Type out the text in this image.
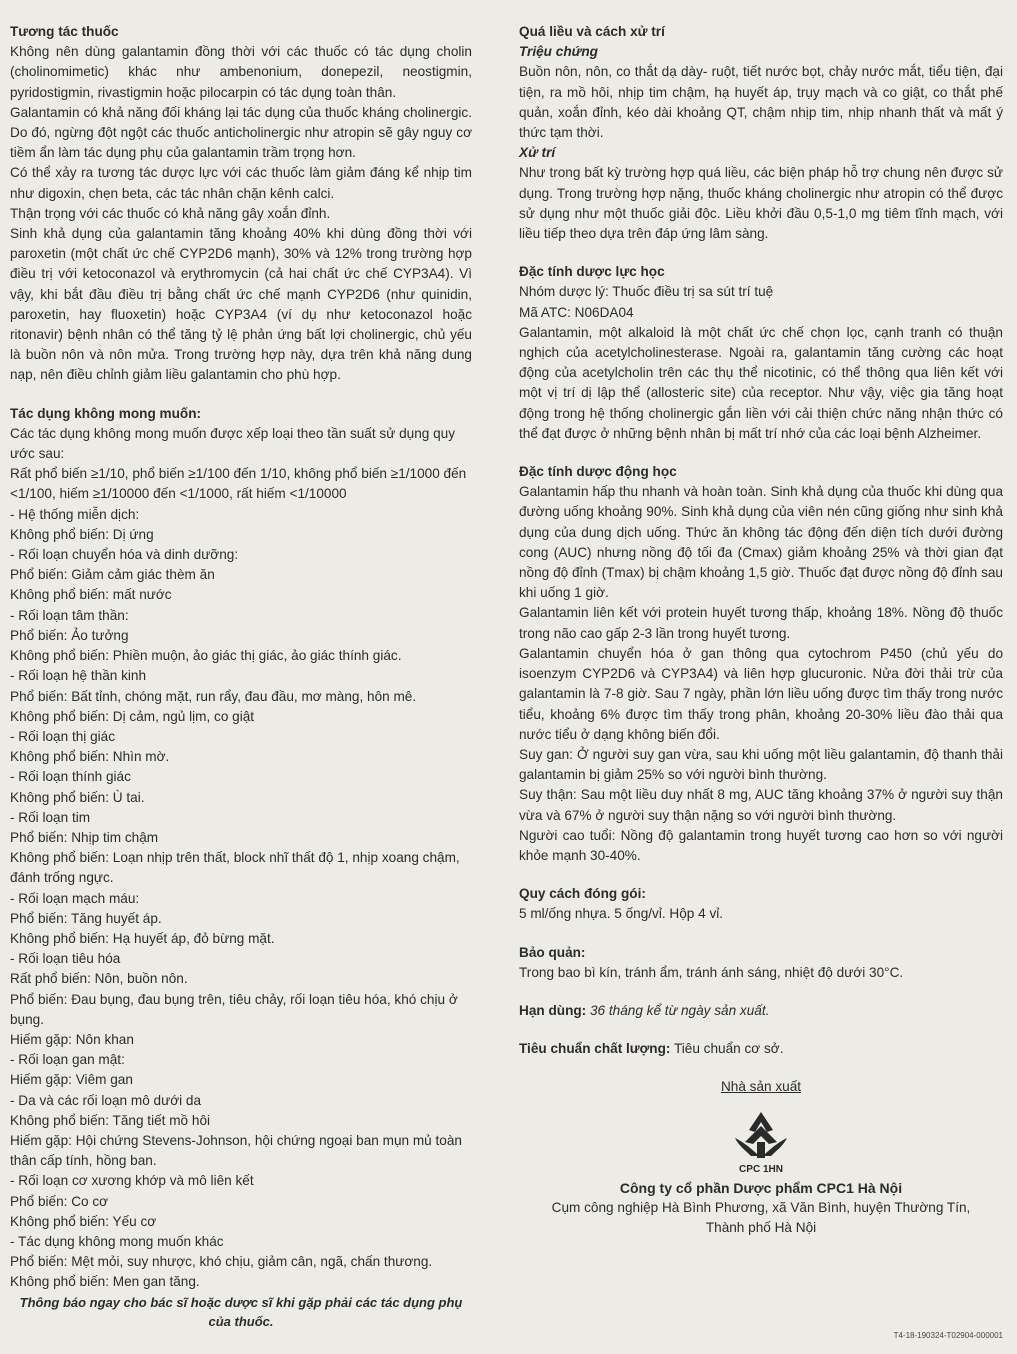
Tương tác thuốc

Không nên dùng galantamin đồng thời với các thuốc có tác dụng cholin (cholinomimetic) khác như ambenonium, donepezil, neostigmin, pyridostigmin, rivastigmin hoặc pilocarpin có tác dụng toàn thân.

Galantamin có khả năng đối kháng lại tác dụng của thuốc kháng cholinergic. Do đó, ngừng đột ngột các thuốc anticholinergic như atropin sẽ gây nguy cơ tiềm ẩn làm tác dụng phụ của galantamin trầm trọng hơn.

Có thể xảy ra tương tác dược lực với các thuốc làm giảm đáng kể nhịp tim như digoxin, chẹn beta, các tác nhân chặn kênh calci.

Thận trọng với các thuốc có khả năng gây xoắn đỉnh.

Sinh khả dụng của galantamin tăng khoảng 40% khi dùng đồng thời với paroxetin (một chất ức chế CYP2D6 mạnh), 30% và 12% trong trường hợp điều trị với ketoconazol và erythromycin (cả hai chất ức chế CYP3A4). Vì vậy, khi bắt đầu điều trị bằng chất ức chế mạnh CYP2D6 (như quinidin, paroxetin, hay fluoxetin) hoặc CYP3A4 (ví dụ như ketoconazol hoặc ritonavir) bệnh nhân có thể tăng tỷ lệ phản ứng bất lợi cholinergic, chủ yếu là buồn nôn và nôn mửa. Trong trường hợp này, dựa trên khả năng dung nạp, nên điều chỉnh giảm liều galantamin cho phù hợp.

Tác dụng không mong muốn:

Các tác dụng không mong muốn được xếp loại theo tần suất sử dụng quy ước sau:

Rất phổ biến ≥1/10, phổ biến ≥1/100 đến 1/10, không phổ biến ≥1/1000 đến <1/100, hiếm ≥1/10000 đến <1/1000, rất hiếm <1/10000

- Hệ thống miễn dịch:

Không phổ biến: Dị ứng

- Rối loạn chuyển hóa và dinh dưỡng:

Phổ biến: Giảm cảm giác thèm ăn

Không phổ biến: mất nước

- Rối loạn tâm thần:

Phổ biến: Ảo tưởng

Không phổ biến: Phiền muộn, ảo giác thị giác, ảo giác thính giác.

- Rối loạn hệ thần kinh

Phổ biến: Bất tỉnh, chóng mặt, run rẩy, đau đầu, mơ màng, hôn mê.

Không phổ biến: Dị cảm, ngủ lịm, co giật

- Rối loạn thị giác

Không phổ biến: Nhìn mờ.

- Rối loạn thính giác

Không phổ biến: Ù tai.

- Rối loạn tim

Phổ biến: Nhịp tim chậm

Không phổ biến: Loạn nhịp trên thất, block nhĩ thất độ 1, nhịp xoang chậm, đánh trống ngực.

- Rối loạn mạch máu:

Phổ biến: Tăng huyết áp.

Không phổ biến: Hạ huyết áp, đỏ bừng mặt.

- Rối loạn tiêu hóa

Rất phổ biến: Nôn, buồn nôn.

Phổ biến: Đau bụng, đau bụng trên, tiêu chảy, rối loạn tiêu hóa, khó chịu ở bụng.

Hiếm gặp: Nôn khan

- Rối loạn gan mật:

Hiếm gặp: Viêm gan

- Da và các rối loạn mô dưới da

Không phổ biến: Tăng tiết mồ hôi

Hiếm gặp: Hội chứng Stevens-Johnson, hội chứng ngoại ban mụn mủ toàn thân cấp tính, hồng ban.

- Rối loạn cơ xương khớp và mô liên kết

Phổ biến: Co cơ

Không phổ biến: Yếu cơ

- Tác dụng không mong muốn khác

Phổ biến: Mệt mỏi, suy nhược, khó chịu, giảm cân, ngã, chấn thương.

Không phổ biến: Men gan tăng.

Thông báo ngay cho bác sĩ hoặc dược sĩ khi gặp phải các tác dụng phụ của thuốc.

Quá liều và cách xử trí

Triệu chứng

Buồn nôn, nôn, co thắt dạ dày- ruột, tiết nước bọt, chảy nước mắt, tiểu tiện, đại tiện, ra mồ hôi, nhịp tim chậm, hạ huyết áp, trụy mạch và co giật, co thắt phế quản, xoắn đỉnh, kéo dài khoảng QT, chậm nhịp tim, nhịp nhanh thất và mất ý thức tạm thời.

Xử trí

Như trong bất kỳ trường hợp quá liều, các biện pháp hỗ trợ chung nên được sử dụng. Trong trường hợp nặng, thuốc kháng cholinergic như atropin có thể được sử dụng như một thuốc giải độc. Liều khởi đầu 0,5-1,0 mg tiêm tĩnh mạch, với liều tiếp theo dựa trên đáp ứng lâm sàng.

Đặc tính dược lực học

Nhóm dược lý: Thuốc điều trị sa sút trí tuệ

Mã ATC: N06DA04

Galantamin, một alkaloid là một chất ức chế chọn lọc, cạnh tranh có thuận nghịch của acetylcholinesterase. Ngoài ra, galantamin tăng cường các hoạt động của acetylcholin trên các thụ thể nicotinic, có thể thông qua liên kết với một vị trí dị lập thể (allosteric site) của receptor. Như vậy, việc gia tăng hoạt động trong hệ thống cholinergic gắn liền với cải thiện chức năng nhận thức có thể đạt được ở những bệnh nhân bị mất trí nhớ của các loại bệnh Alzheimer.

Đặc tính dược động học

Galantamin hấp thu nhanh và hoàn toàn. Sinh khả dụng của thuốc khi dùng qua đường uống khoảng 90%. Sinh khả dụng của viên nén cũng giống như sinh khả dụng của dung dịch uống. Thức ăn không tác động đến diện tích dưới đường cong (AUC) nhưng nồng độ tối đa (Cmax) giảm khoảng 25% và thời gian đạt nồng độ đỉnh (Tmax) bị chậm khoảng 1,5 giờ. Thuốc đạt được nồng độ đỉnh sau khi uống 1 giờ.

Galantamin liên kết với protein huyết tương thấp, khoảng 18%. Nồng độ thuốc trong não cao gấp 2-3 lần trong huyết tương.

Galantamin chuyển hóa ở gan thông qua cytochrom P450 (chủ yếu do isoenzym CYP2D6 và CYP3A4) và liên hợp glucuronic. Nửa đời thải trừ của galantamin là 7-8 giờ. Sau 7 ngày, phần lớn liều uống được tìm thấy trong nước tiểu, khoảng 6% được tìm thấy trong phân, khoảng 20-30% liều đào thải qua nước tiểu ở dạng không biến đổi.

Suy gan: Ở người suy gan vừa, sau khi uống một liều galantamin, độ thanh thải galantamin bị giảm 25% so với người bình thường.

Suy thận: Sau một liều duy nhất 8 mg, AUC tăng khoảng 37% ở người suy thận vừa và 67% ở người suy thận nặng so với người bình thường.

Người cao tuổi: Nồng độ galantamin trong huyết tương cao hơn so với người khỏe mạnh 30-40%.

Quy cách đóng gói:

5 ml/ống nhựa. 5 ống/vỉ. Hộp 4 vỉ.

Bảo quản:

Trong bao bì kín, tránh ẩm, tránh ánh sáng, nhiệt độ dưới 30°C.

Hạn dùng: 36 tháng kể từ ngày sản xuất.

Tiêu chuẩn chất lượng: Tiêu chuẩn cơ sở.

Nhà sản xuất

CPC 1HN

Công ty cổ phần Dược phẩm CPC1 Hà Nội

Cụm công nghiệp Hà Bình Phương, xã Văn Bình, huyện Thường Tín,

Thành phố Hà Nội

T4-18-190324-T02904-000001
